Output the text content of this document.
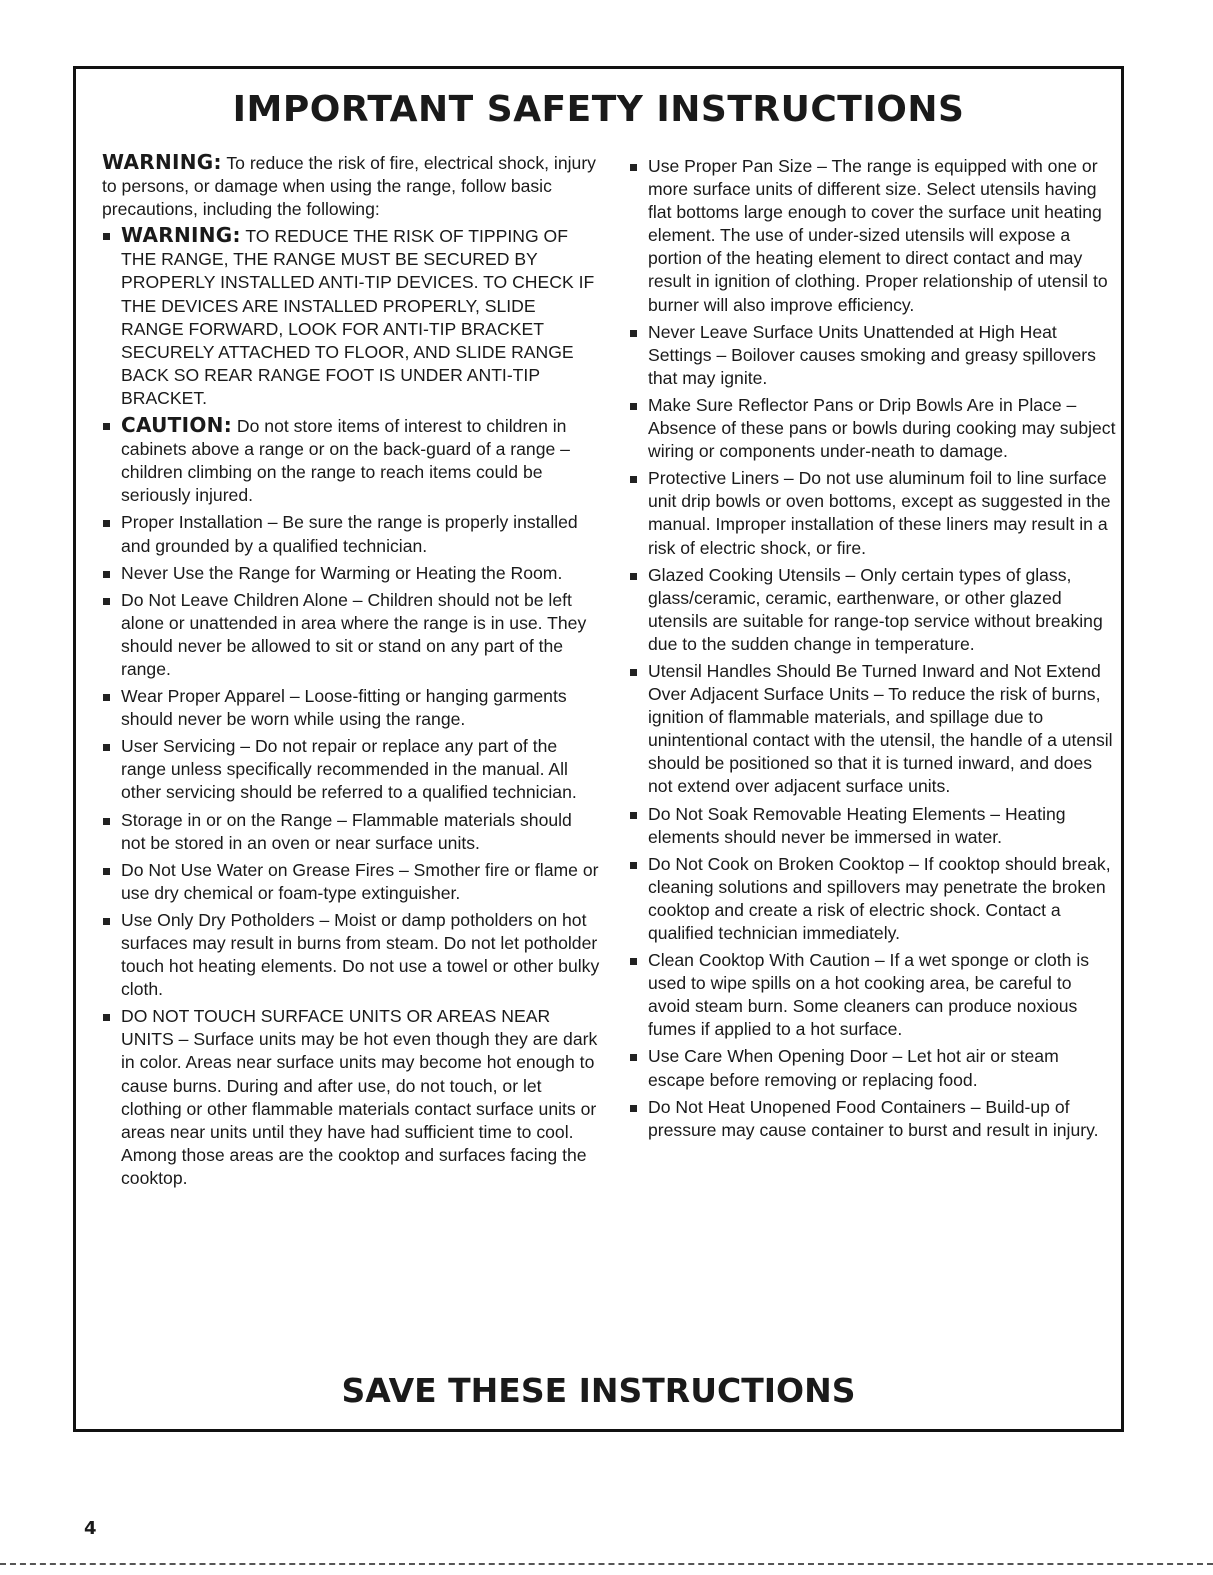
IMPORTANT SAFETY INSTRUCTIONS

WARNING: To reduce the risk of fire, electrical shock, injury to persons, or damage when using the range, follow basic precautions, including the following:

WARNING: TO REDUCE THE RISK OF TIPPING OF THE RANGE, THE RANGE MUST BE SECURED BY PROPERLY INSTALLED ANTI-TIP DEVICES. TO CHECK IF THE DEVICES ARE INSTALLED PROPERLY, SLIDE RANGE FORWARD, LOOK FOR ANTI-TIP BRACKET SECURELY ATTACHED TO FLOOR, AND SLIDE RANGE BACK SO REAR RANGE FOOT IS UNDER ANTI-TIP BRACKET.
CAUTION: Do not store items of interest to children in cabinets above a range or on the back-guard of a range – children climbing on the range to reach items could be seriously injured.
Proper Installation – Be sure the range is properly installed and grounded by a qualified technician.
Never Use the Range for Warming or Heating the Room.
Do Not Leave Children Alone – Children should not be left alone or unattended in area where the range is in use. They should never be allowed to sit or stand on any part of the range.
Wear Proper Apparel – Loose-fitting or hanging garments should never be worn while using the range.
User Servicing – Do not repair or replace any part of the range unless specifically recommended in the manual. All other servicing should be referred to a qualified technician.
Storage in or on the Range – Flammable materials should not be stored in an oven or near surface units.
Do Not Use Water on Grease Fires – Smother fire or flame or use dry chemical or foam-type extinguisher.
Use Only Dry Potholders – Moist or damp potholders on hot surfaces may result in burns from steam. Do not let potholder touch hot heating elements. Do not use a towel or other bulky cloth.
DO NOT TOUCH SURFACE UNITS OR AREAS NEAR UNITS – Surface units may be hot even though they are dark in color. Areas near surface units may become hot enough to cause burns. During and after use, do not touch, or let clothing or other flammable materials contact surface units or areas near units until they have had sufficient time to cool. Among those areas are the cooktop and surfaces facing the cooktop.
Use Proper Pan Size – The range is equipped with one or more surface units of different size. Select utensils having flat bottoms large enough to cover the surface unit heating element. The use of under-sized utensils will expose a portion of the heating element to direct contact and may result in ignition of clothing. Proper relationship of utensil to burner will also improve efficiency.
Never Leave Surface Units Unattended at High Heat Settings – Boilover causes smoking and greasy spillovers that may ignite.
Make Sure Reflector Pans or Drip Bowls Are in Place – Absence of these pans or bowls during cooking may subject wiring or components under-neath to damage.
Protective Liners – Do not use aluminum foil to line surface unit drip bowls or oven bottoms, except as suggested in the manual. Improper installation of these liners may result in a risk of electric shock, or fire.
Glazed Cooking Utensils – Only certain types of glass, glass/ceramic, ceramic, earthenware, or other glazed utensils are suitable for range-top service without breaking due to the sudden change in temperature.
Utensil Handles Should Be Turned Inward and Not Extend Over Adjacent Surface Units – To reduce the risk of burns, ignition of flammable materials, and spillage due to unintentional contact with the utensil, the handle of a utensil should be positioned so that it is turned inward, and does not extend over adjacent surface units.
Do Not Soak Removable Heating Elements – Heating elements should never be immersed in water.
Do Not Cook on Broken Cooktop – If cooktop should break, cleaning solutions and spillovers may penetrate the broken cooktop and create a risk of electric shock. Contact a qualified technician immediately.
Clean Cooktop With Caution – If a wet sponge or cloth is used to wipe spills on a hot cooking area, be careful to avoid steam burn. Some cleaners can produce noxious fumes if applied to a hot surface.
Use Care When Opening Door – Let hot air or steam escape before removing or replacing food.
Do Not Heat Unopened Food Containers – Build-up of pressure may cause container to burst and result in injury.
SAVE THESE INSTRUCTIONS
4
